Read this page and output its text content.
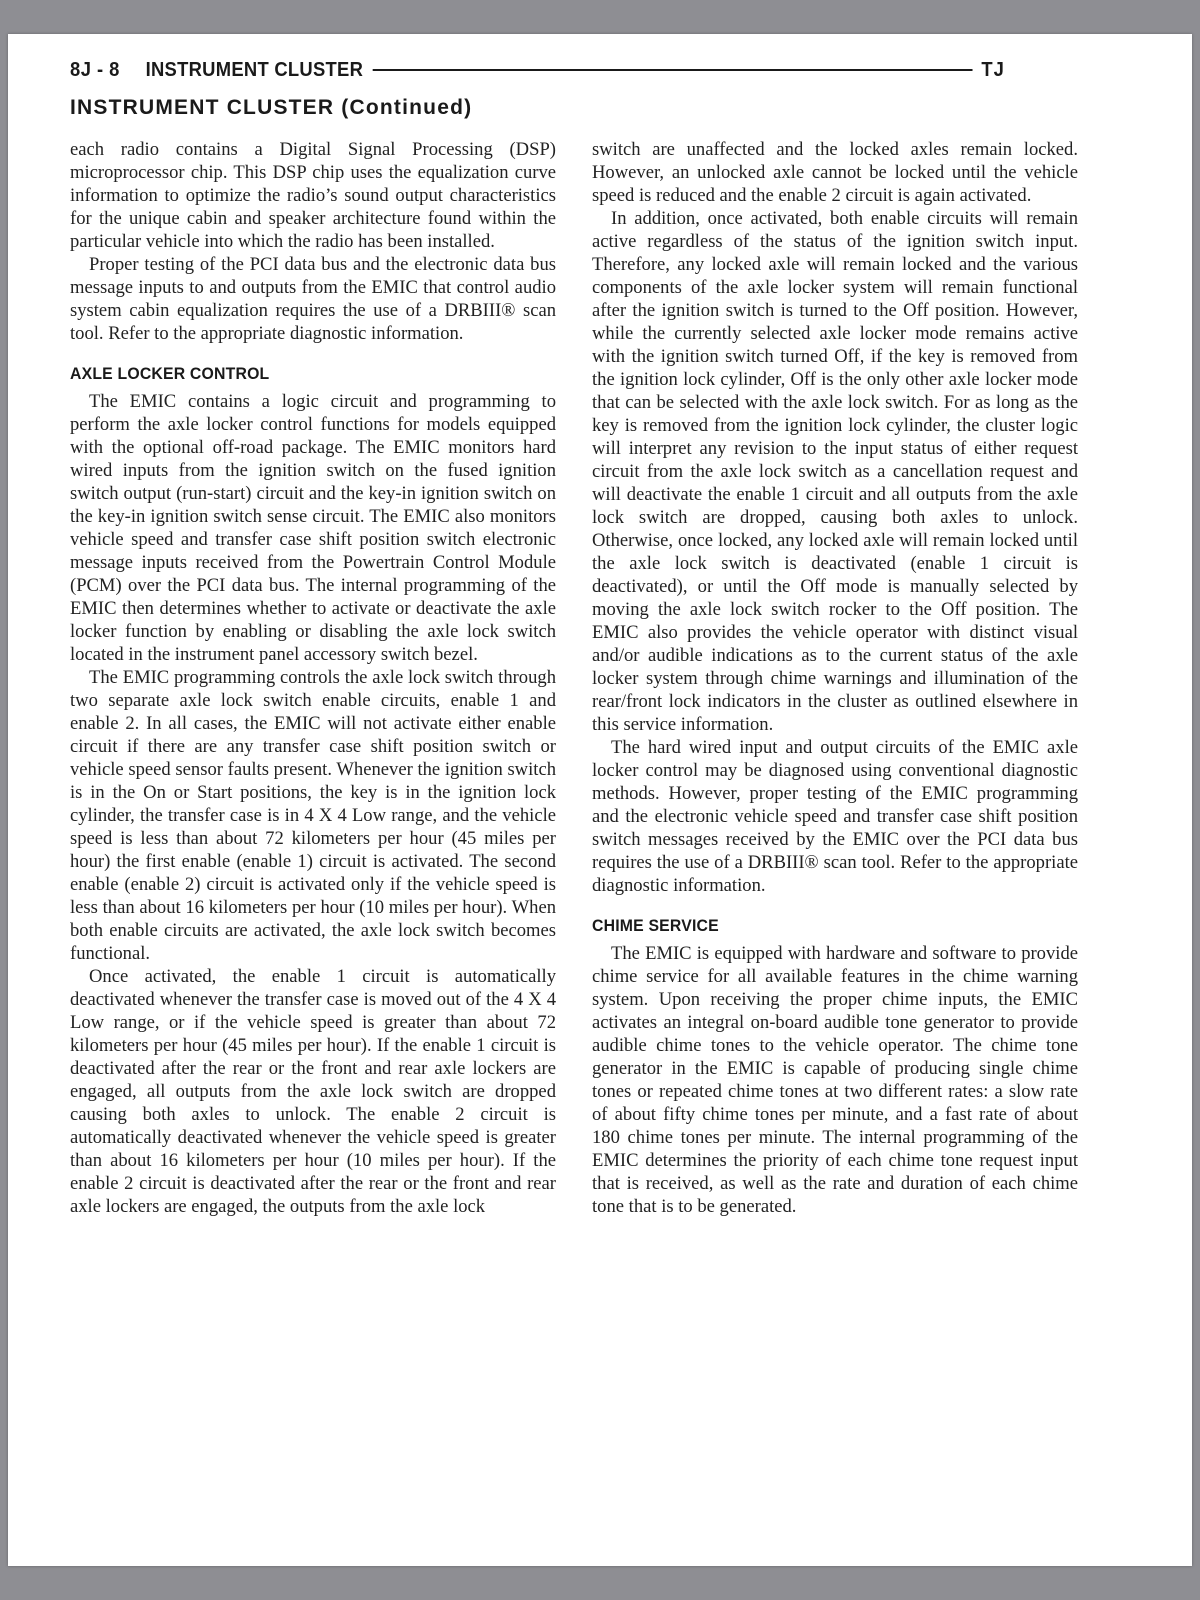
8J - 8 INSTRUMENT CLUSTER	TJ
INSTRUMENT CLUSTER (Continued)

each radio contains a Digital Signal Processing (DSP) microprocessor chip. This DSP chip uses the equalization curve information to optimize the radio’s sound output characteristics for the unique cabin and speaker architecture found within the particular vehicle into which the radio has been installed.

Proper testing of the PCI data bus and the electronic data bus message inputs to and outputs from the EMIC that control audio system cabin equalization requires the use of a DRBIII® scan tool. Refer to the appropriate diagnostic information.

AXLE LOCKER CONTROL

The EMIC contains a logic circuit and programming to perform the axle locker control functions for models equipped with the optional off-road package. The EMIC monitors hard wired inputs from the ignition switch on the fused ignition switch output (run-start) circuit and the key-in ignition switch on the key-in ignition switch sense circuit. The EMIC also monitors vehicle speed and transfer case shift position switch electronic message inputs received from the Powertrain Control Module (PCM) over the PCI data bus. The internal programming of the EMIC then determines whether to activate or deactivate the axle locker function by enabling or disabling the axle lock switch located in the instrument panel accessory switch bezel.

The EMIC programming controls the axle lock switch through two separate axle lock switch enable circuits, enable 1 and enable 2. In all cases, the EMIC will not activate either enable circuit if there are any transfer case shift position switch or vehicle speed sensor faults present. Whenever the ignition switch is in the On or Start positions, the key is in the ignition lock cylinder, the transfer case is in 4 X 4 Low range, and the vehicle speed is less than about 72 kilometers per hour (45 miles per hour) the first enable (enable 1) circuit is activated. The second enable (enable 2) circuit is activated only if the vehicle speed is less than about 16 kilometers per hour (10 miles per hour). When both enable circuits are activated, the axle lock switch becomes functional.

Once activated, the enable 1 circuit is automatically deactivated whenever the transfer case is moved out of the 4 X 4 Low range, or if the vehicle speed is greater than about 72 kilometers per hour (45 miles per hour). If the enable 1 circuit is deactivated after the rear or the front and rear axle lockers are engaged, all outputs from the axle lock switch are dropped causing both axles to unlock. The enable 2 circuit is automatically deactivated whenever the vehicle speed is greater than about 16 kilometers per hour (10 miles per hour). If the enable 2 circuit is deactivated after the rear or the front and rear axle lockers are engaged, the outputs from the axle lock

switch are unaffected and the locked axles remain locked. However, an unlocked axle cannot be locked until the vehicle speed is reduced and the enable 2 circuit is again activated.

In addition, once activated, both enable circuits will remain active regardless of the status of the ignition switch input. Therefore, any locked axle will remain locked and the various components of the axle locker system will remain functional after the ignition switch is turned to the Off position. However, while the currently selected axle locker mode remains active with the ignition switch turned Off, if the key is removed from the ignition lock cylinder, Off is the only other axle locker mode that can be selected with the axle lock switch. For as long as the key is removed from the ignition lock cylinder, the cluster logic will interpret any revision to the input status of either request circuit from the axle lock switch as a cancellation request and will deactivate the enable 1 circuit and all outputs from the axle lock switch are dropped, causing both axles to unlock. Otherwise, once locked, any locked axle will remain locked until the axle lock switch is deactivated (enable 1 circuit is deactivated), or until the Off mode is manually selected by moving the axle lock switch rocker to the Off position. The EMIC also provides the vehicle operator with distinct visual and/or audible indications as to the current status of the axle locker system through chime warnings and illumination of the rear/front lock indicators in the cluster as outlined elsewhere in this service information.

The hard wired input and output circuits of the EMIC axle locker control may be diagnosed using conventional diagnostic methods. However, proper testing of the EMIC programming and the electronic vehicle speed and transfer case shift position switch messages received by the EMIC over the PCI data bus requires the use of a DRBIII® scan tool. Refer to the appropriate diagnostic information.

CHIME SERVICE

The EMIC is equipped with hardware and software to provide chime service for all available features in the chime warning system. Upon receiving the proper chime inputs, the EMIC activates an integral on-board audible tone generator to provide audible chime tones to the vehicle operator. The chime tone generator in the EMIC is capable of producing single chime tones or repeated chime tones at two different rates: a slow rate of about fifty chime tones per minute, and a fast rate of about 180 chime tones per minute. The internal programming of the EMIC determines the priority of each chime tone request input that is received, as well as the rate and duration of each chime tone that is to be generated.
